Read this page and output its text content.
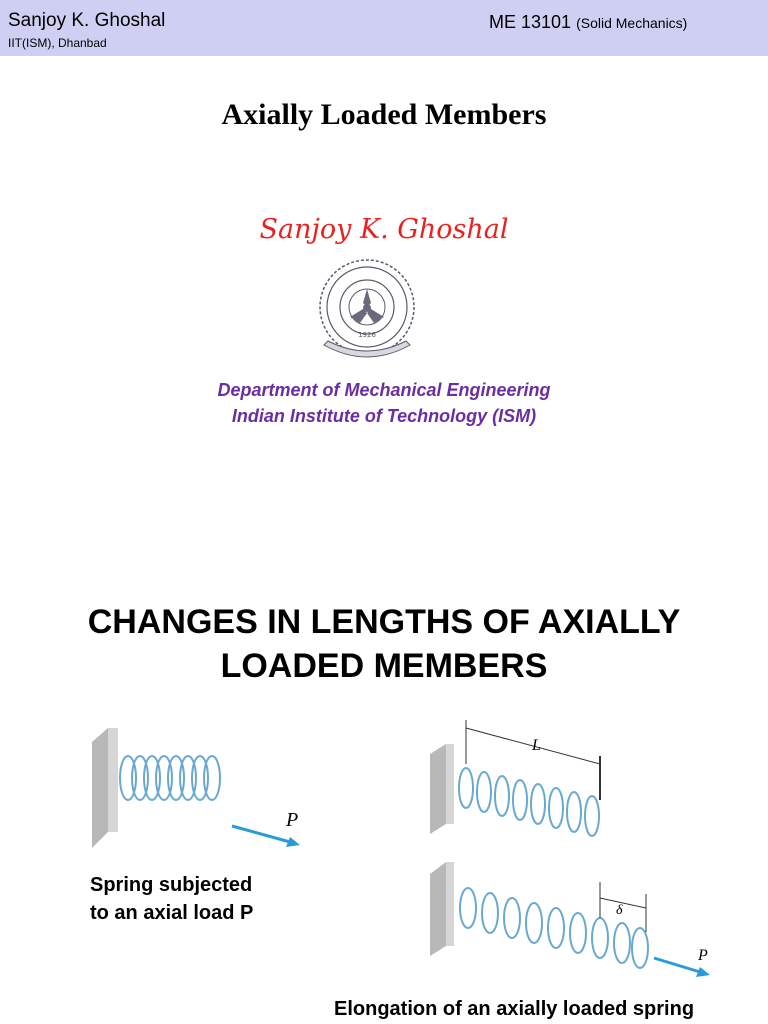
Sanjoy K. Ghoshal
IIT(ISM), Dhanbad
ME 13101 (Solid Mechanics)
Axially Loaded Members
Sanjoy K. Ghoshal
1926
Department of Mechanical Engineering
Indian Institute of Technology (ISM)
CHANGES IN LENGTHS OF AXIALLY
LOADED MEMBERS
P
Spring subjected
to an axial load P
L
δ
P
Elongation of an axially loaded spring
